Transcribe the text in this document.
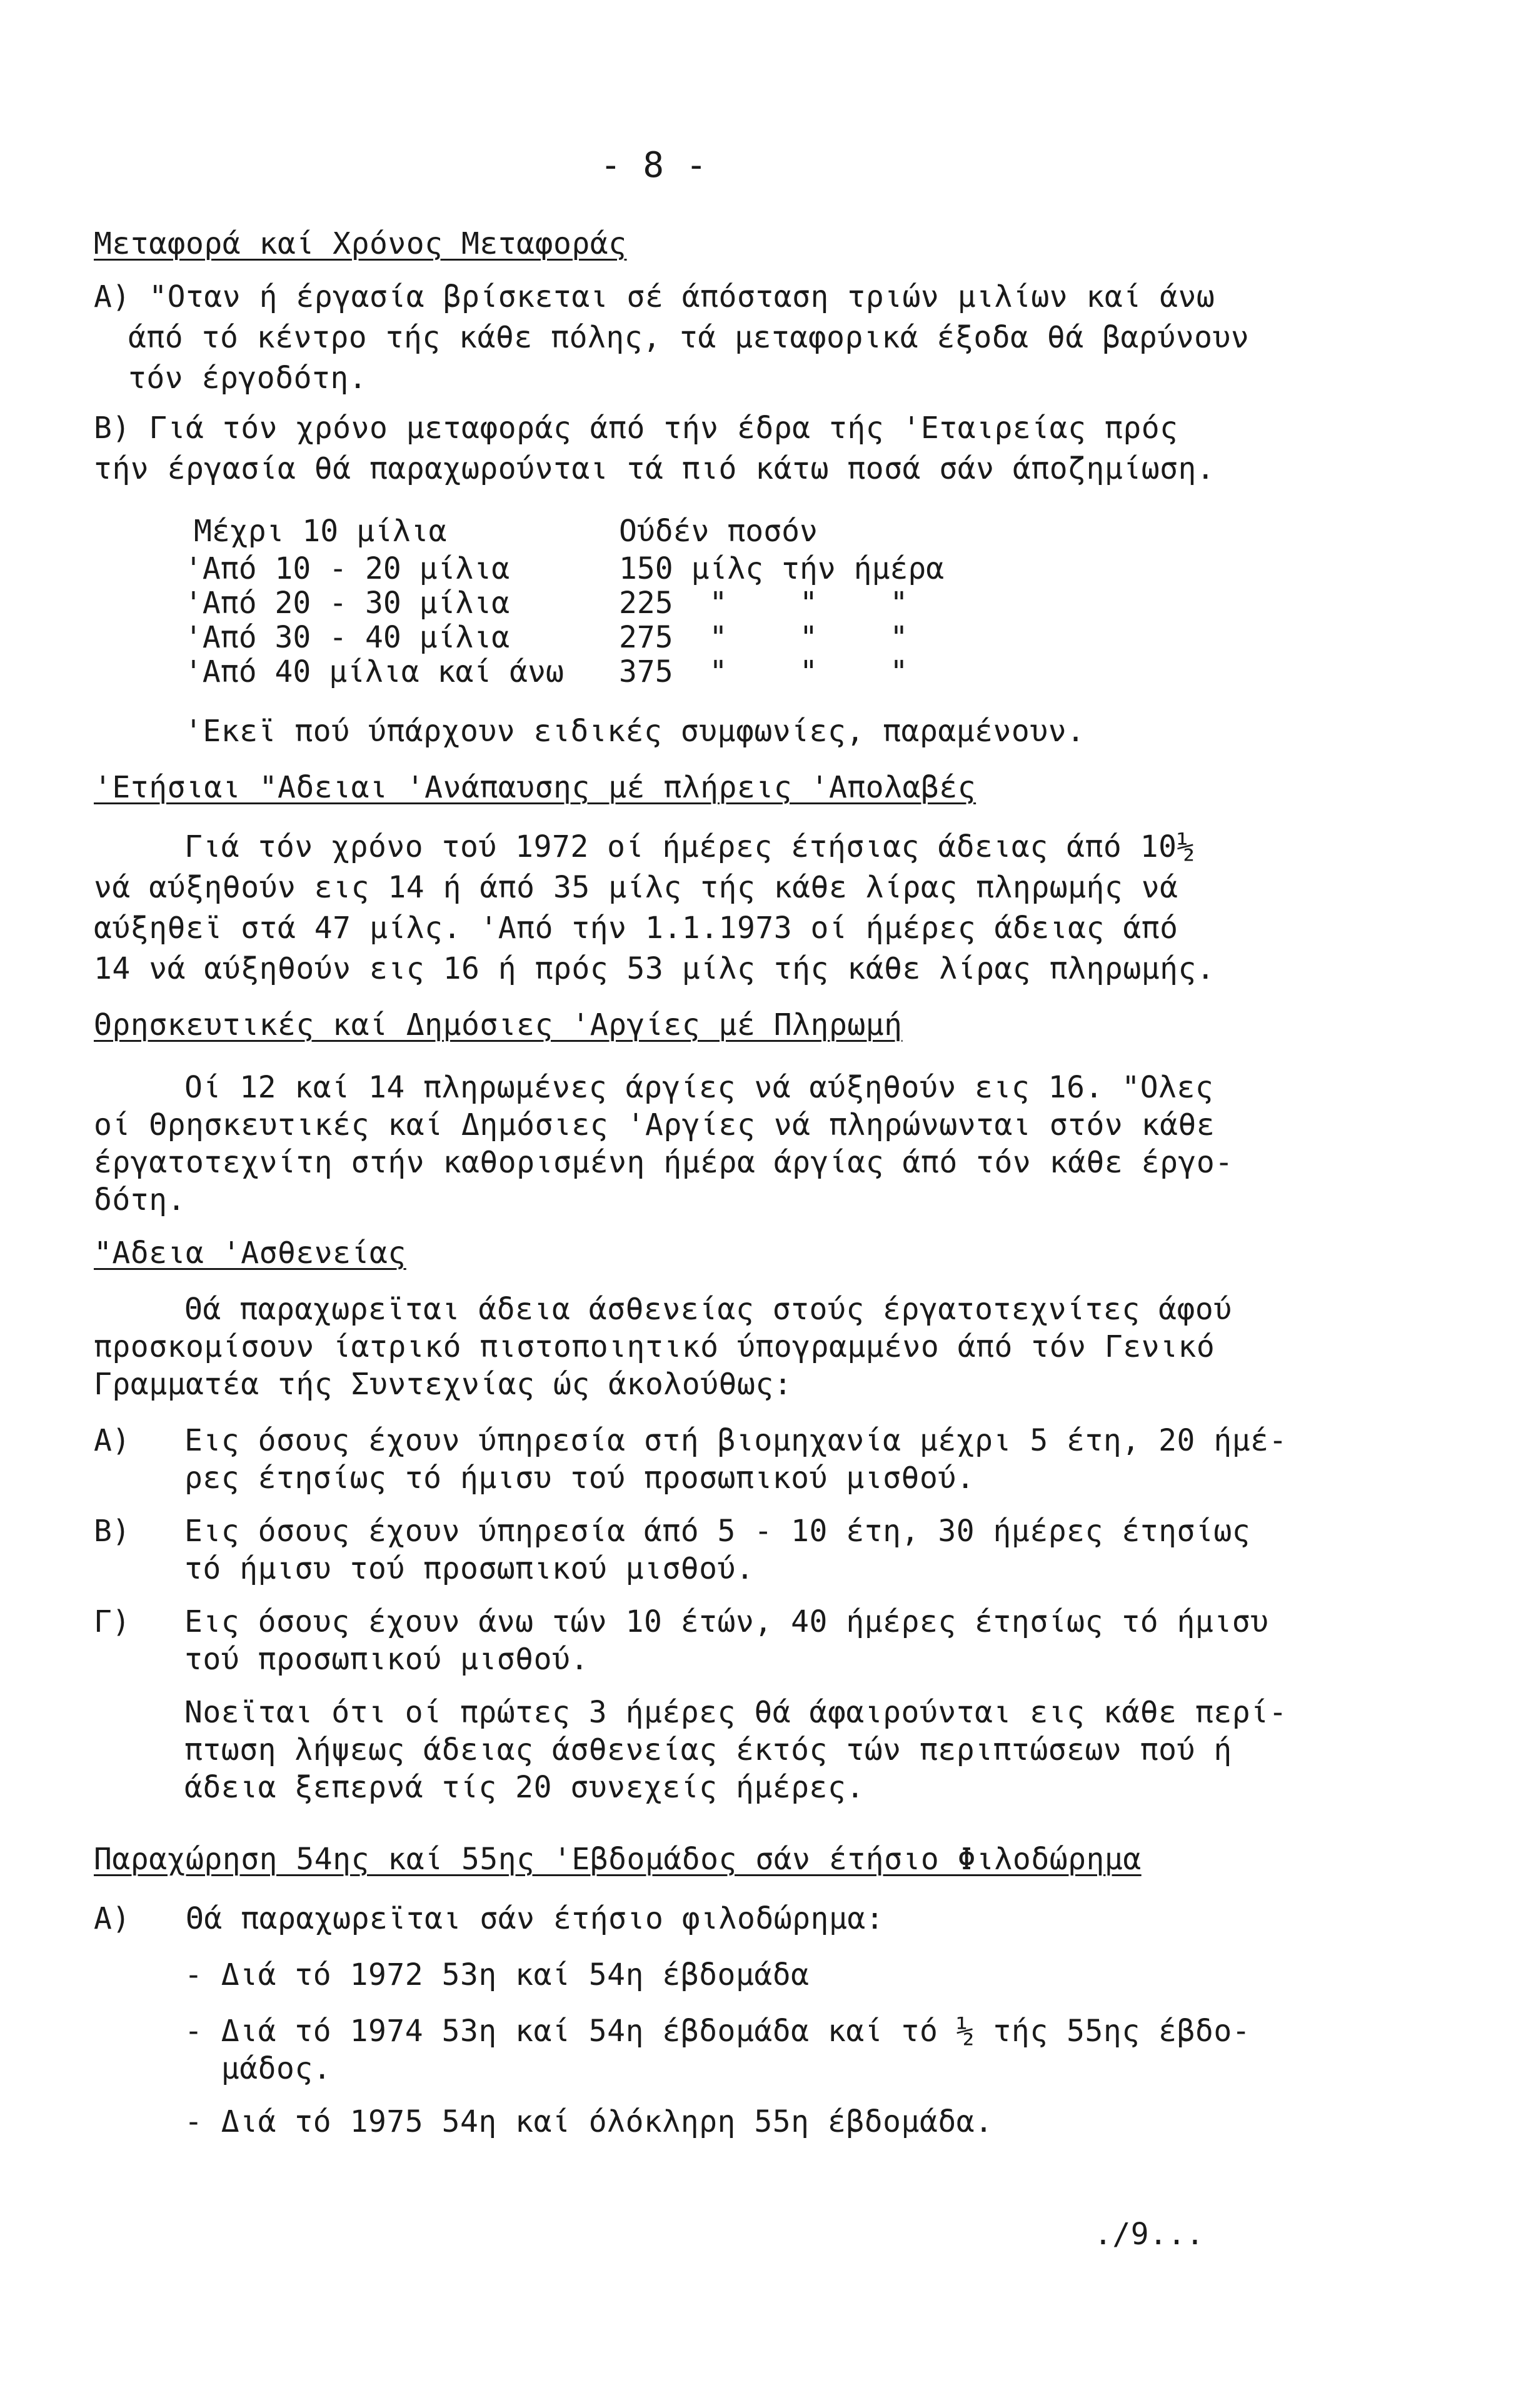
- 8 -
Μεταφορά καί Χρόνος Μεταφοράς
Α) "Οταν ή έργασία βρίσκεται σέ άπόσταση τριών μιλίων καί άνω
άπό τό κέντρο τής κάθε πόλης, τά μεταφορικά έξοδα θά βαρύνουν
τόν έργοδότη.
Β) Γιά τόν χρόνο μεταφοράς άπό τήν έδρα τής 'Εταιρείας πρός
τήν έργασία θά παραχωρούνται τά πιό κάτω ποσά σάν άποζημίωση.
Μέχρι 10 μίλια	Ούδέν ποσόν
'Από 10 - 20 μίλια	150 μίλς τήν ήμέρα
'Από 20 - 30 μίλια	225  "    "    "
'Από 30 - 40 μίλια	275  "    "    "
'Από 40 μίλια καί άνω 375  "    "    "
'Εκεϊ πού ύπάρχουν ειδικές συμφωνίες, παραμένουν.
'Ετήσιαι "Αδειαι 'Ανάπαυσης μέ πλήρεις 'Απολαβές
Γιά τόν χρόνο τού 1972 οί ήμέρες έτήσιας άδειας άπό 10½
νά αύξηθούν εις 14 ή άπό 35 μίλς τής κάθε λίρας πληρωμής νά
αύξηθεϊ στά 47 μίλς. 'Από τήν 1.1.1973 οί ήμέρες άδειας άπό
14 νά αύξηθούν εις 16 ή πρός 53 μίλς τής κάθε λίρας πληρωμής.
Θρησκευτικές καί Δημόσιες 'Αργίες μέ Πληρωμή
Οί 12 καί 14 πληρωμένες άργίες νά αύξηθούν εις 16. "Ολες
οί Θρησκευτικές καί Δημόσιες 'Αργίες νά πληρώνωνται στόν κάθε
έργατοτεχνίτη στήν καθορισμένη ήμέρα άργίας άπό τόν κάθε έργο-
δότη.
"Αδεια 'Ασθενείας
Θά παραχωρεϊται άδεια άσθενείας στούς έργατοτεχνίτες άφού
προσκομίσουν ίατρικό πιστοποιητικό ύπογραμμένο άπό τόν Γενικό
Γραμματέα τής Συντεχνίας ώς άκολούθως:
Α) Εις όσους έχουν ύπηρεσία στή βιομηχανία μέχρι 5 έτη, 20 ήμέ-
ρες έτησίως τό ήμισυ τού προσωπικού μισθού.
Β) Εις όσους έχουν ύπηρεσία άπό 5 - 10 έτη, 30 ήμέρες έτησίως
τό ήμισυ τού προσωπικού μισθού.
Γ) Εις όσους έχουν άνω τών 10 έτών, 40 ήμέρες έτησίως τό ήμισυ
τού προσωπικού μισθού.
Νοεϊται ότι οί πρώτες 3 ήμέρες θά άφαιρούνται εις κάθε περί-
πτωση λήψεως άδειας άσθενείας έκτός τών περιπτώσεων πού ή
άδεια ξεπερνά τίς 20 συνεχείς ήμέρες.
Παραχώρηση 54ης καί 55ης 'Εβδομάδος σάν έτήσιο Φιλοδώρημα
Α)   Θά παραχωρεϊται σάν έτήσιο φιλοδώρημα:
- Διά τό 1972 53η καί 54η έβδομάδα
- Διά τό 1974 53η καί 54η έβδομάδα καί τό ½ τής 55ης έβδο-
μάδος.
- Διά τό 1975 54η καί όλόκληρη 55η έβδομάδα.
./9...
